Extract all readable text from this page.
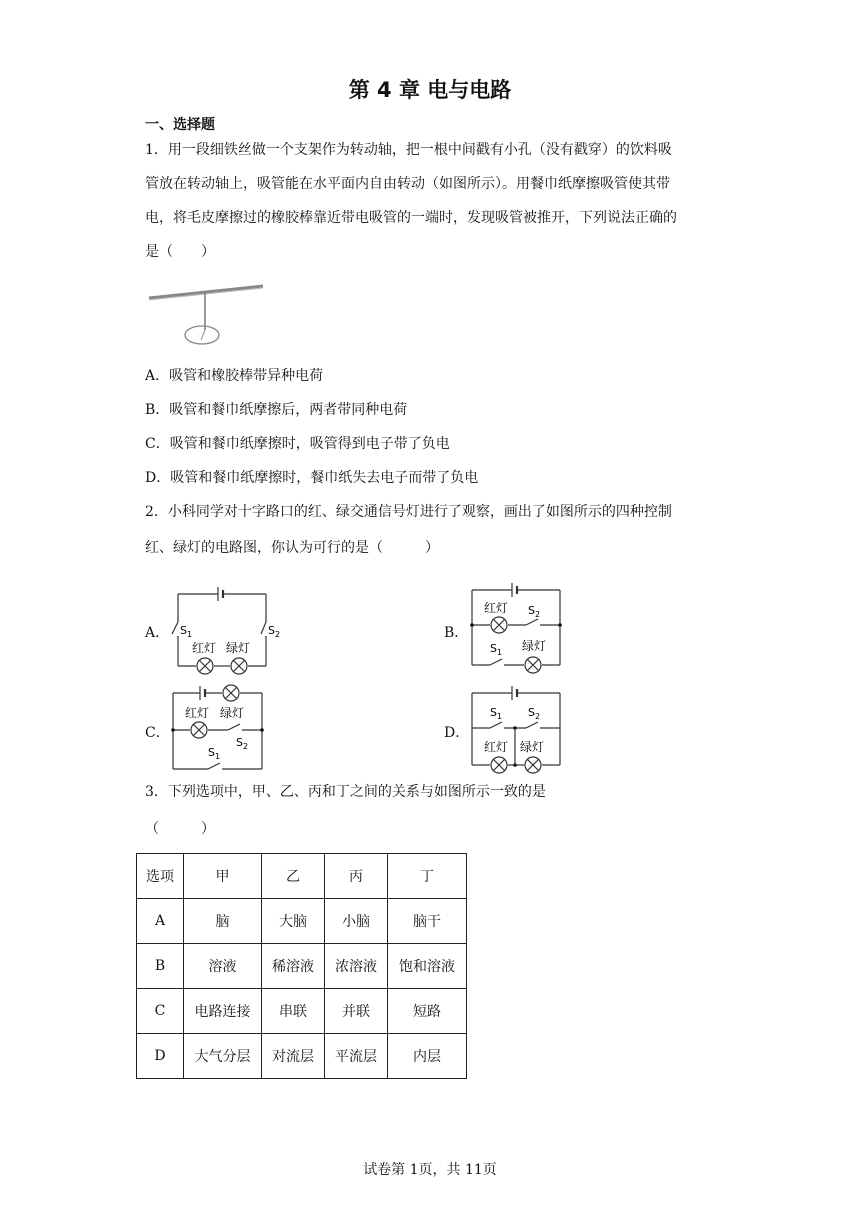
第 4 章 电与电路
一、选择题
1．用一段细铁丝做一个支架作为转动轴，把一根中间戳有小孔（没有戳穿）的饮料吸
管放在转动轴上，吸管能在水平面内自由转动（如图所示）。用餐巾纸摩擦吸管使其带
电，将毛皮摩擦过的橡胶棒靠近带电吸管的一端时，发现吸管被推开，下列说法正确的
是（　　）
A．吸管和橡胶棒带异种电荷
B．吸管和餐巾纸摩擦后，两者带同种电荷
C．吸管和餐巾纸摩擦时，吸管得到电子带了负电
D．吸管和餐巾纸摩擦时，餐巾纸失去电子而带了负电
2．小科同学对十字路口的红、绿交通信号灯进行了观察，画出了如图所示的四种控制
红、绿灯的电路图，你认为可行的是（　　　）
A．	B．
C．	D．
$S_1$	$S_2$
红灯 绿灯
红灯 $S_2$
$S_1$ 绿灯
红灯 绿灯
$S_2$
$S_1$
$S_1$ $S_2$
红灯 绿灯
3．下列选项中，甲、乙、丙和丁之间的关系与如图所示一致的是
（　　　）
选项	甲	乙	丙	丁
A	脑	大脑	小脑	脑干
B	溶液	稀溶液	浓溶液	饱和溶液
C	电路连接	串联	并联	短路
D	大气分层	对流层	平流层	内层
试卷第 1页，共 11页
